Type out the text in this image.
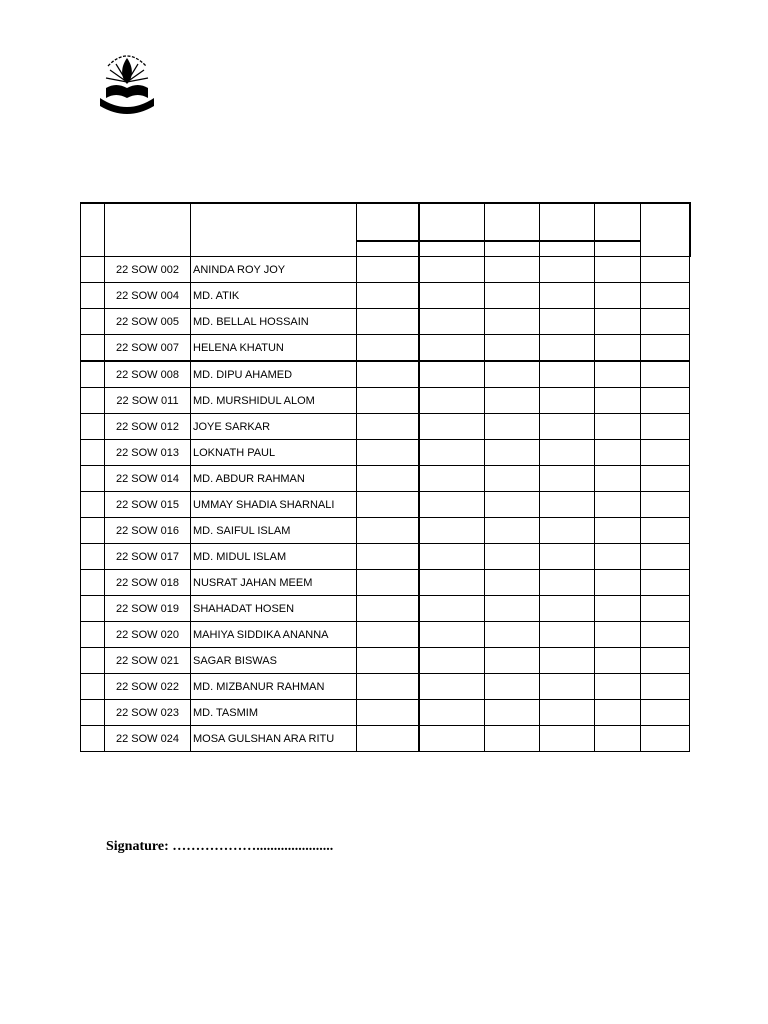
	22 SOW 002	ANINDA ROY JOY						
	22 SOW 004	MD. ATIK						
	22 SOW 005	MD. BELLAL HOSSAIN						
	22 SOW 007	HELENA KHATUN						
	22 SOW 008	MD. DIPU AHAMED						
	22 SOW 011	MD. MURSHIDUL ALOM						
	22 SOW 012	JOYE SARKAR						
	22 SOW 013	LOKNATH PAUL						
	22 SOW 014	MD. ABDUR RAHMAN						
	22 SOW 015	UMMAY SHADIA SHARNALI						
	22 SOW 016	MD. SAIFUL ISLAM						
	22 SOW 017	MD. MIDUL ISLAM						
	22 SOW 018	NUSRAT JAHAN MEEM						
	22 SOW 019	SHAHADAT HOSEN						
	22 SOW 020	MAHIYA SIDDIKA ANANNA						
	22 SOW 021	SAGAR BISWAS						
	22 SOW 022	MD. MIZBANUR RAHMAN						
	22 SOW 023	MD. TASMIM						
	22 SOW 024	MOSA GULSHAN ARA RITU						
Signature: ………………......................
